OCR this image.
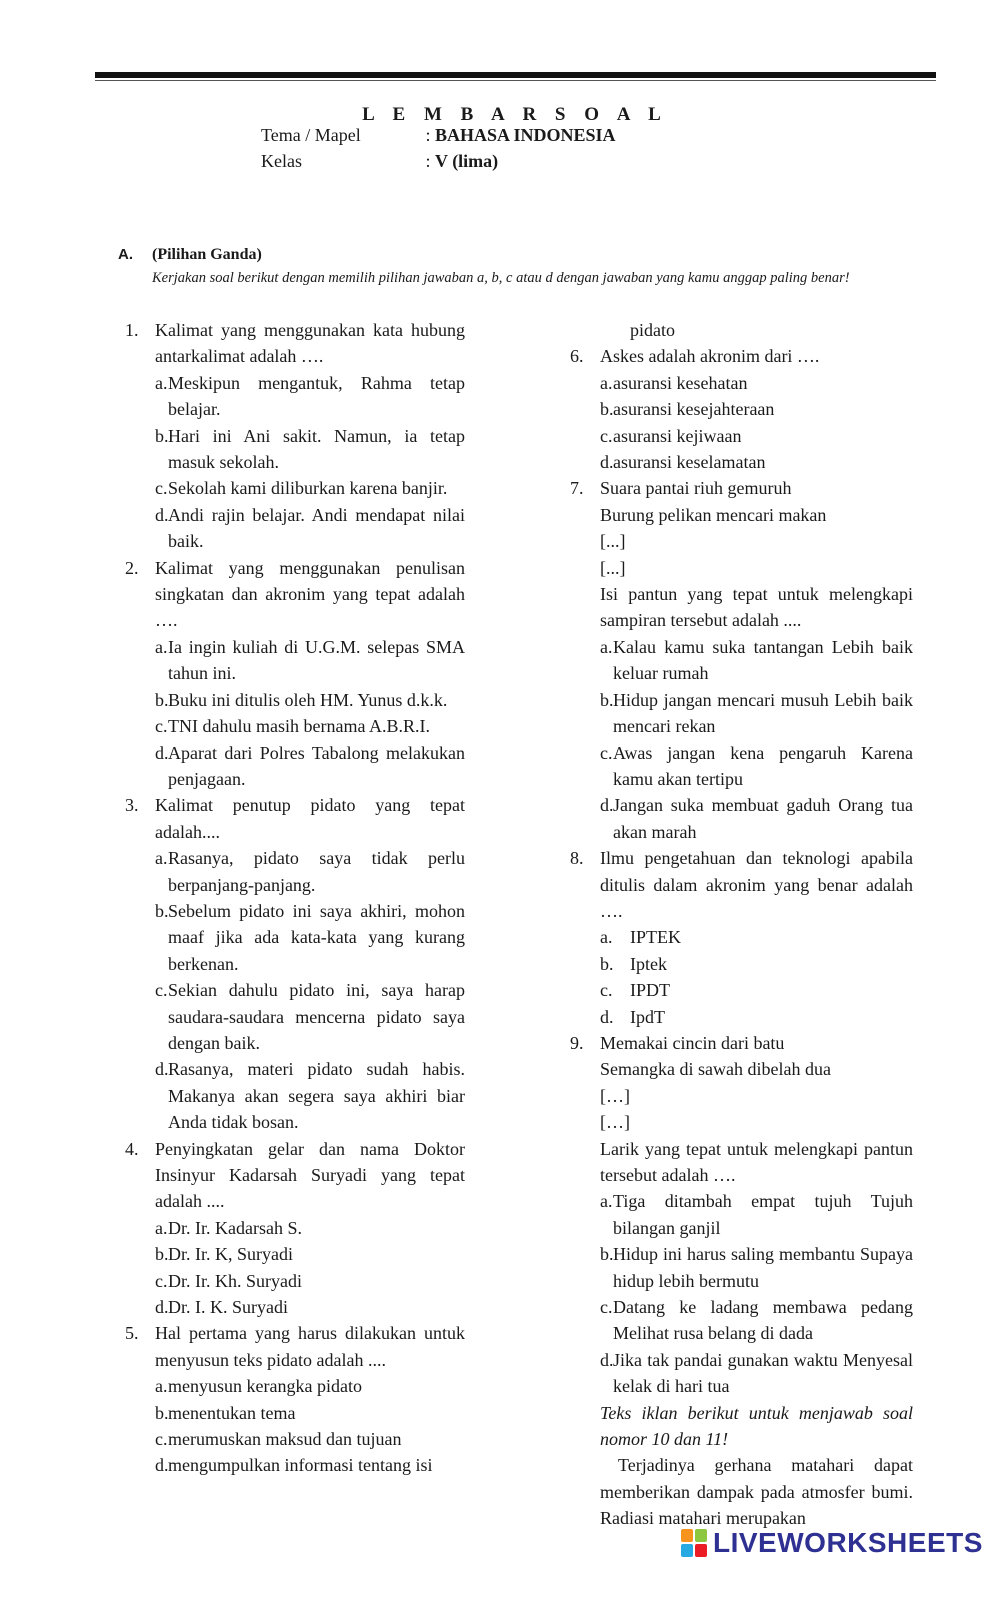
L E M B A R S O A L
Tema / Mapel	: BAHASA INDONESIA
Kelas	: V (lima)
A. (Pilihan Ganda)
Kerjakan soal berikut dengan memilih pilihan jawaban a, b, c atau d dengan jawaban yang kamu anggap paling benar!
1. Kalimat yang menggunakan kata hubung antarkalimat adalah ….
a. Meskipun mengantuk, Rahma tetap belajar.
b. Hari ini Ani sakit. Namun, ia tetap masuk sekolah.
c. Sekolah kami diliburkan karena banjir.
d. Andi rajin belajar. Andi mendapat nilai baik.
2. Kalimat yang menggunakan penulisan singkatan dan akronim yang tepat adalah ….
a. Ia ingin kuliah di U.G.M. selepas SMA tahun ini.
b. Buku ini ditulis oleh HM. Yunus d.k.k.
c. TNI dahulu masih bernama A.B.R.I.
d. Aparat dari Polres Tabalong melakukan penjagaan.
3. Kalimat penutup pidato yang tepat adalah....
a. Rasanya, pidato saya tidak perlu berpanjang-panjang.
b. Sebelum pidato ini saya akhiri, mohon maaf jika ada kata-kata yang kurang berkenan.
c. Sekian dahulu pidato ini, saya harap saudara-saudara mencerna pidato saya dengan baik.
d. Rasanya, materi pidato sudah habis. Makanya akan segera saya akhiri biar Anda tidak bosan.
4. Penyingkatan gelar dan nama Doktor Insinyur Kadarsah Suryadi yang tepat adalah ....
a. Dr. Ir. Kadarsah S.
b. Dr. Ir. K, Suryadi
c. Dr. Ir. Kh. Suryadi
d. Dr. I. K. Suryadi
5. Hal pertama yang harus dilakukan untuk menyusun teks pidato adalah ....
a. menyusun kerangka pidato
b. menentukan tema
c. merumuskan maksud dan tujuan
d. mengumpulkan informasi tentang isi
pidato
6. Askes adalah akronim dari ….
a. asuransi kesehatan
b. asuransi kesejahteraan
c. asuransi kejiwaan
d. asuransi keselamatan
7. Suara pantai riuh gemuruh
Burung pelikan mencari makan
[...]
[...]
Isi pantun yang tepat untuk melengkapi sampiran tersebut adalah ....
a. Kalau kamu suka tantangan Lebih baik keluar rumah
b. Hidup jangan mencari musuh Lebih baik mencari rekan
c. Awas jangan kena pengaruh Karena kamu akan tertipu
d. Jangan suka membuat gaduh Orang tua akan marah
8. Ilmu pengetahuan dan teknologi apabila ditulis dalam akronim yang benar adalah ….
a. IPTEK
b. Iptek
c. IPDT
d. IpdT
9. Memakai cincin dari batu
Semangka di sawah dibelah dua
[…]
[…]
Larik yang tepat untuk melengkapi pantun tersebut adalah ….
a. Tiga ditambah empat tujuh Tujuh bilangan ganjil
b. Hidup ini harus saling membantu Supaya hidup lebih bermutu
c. Datang ke ladang membawa pedang Melihat rusa belang di dada
d. Jika tak pandai gunakan waktu Menyesal kelak di hari tua
Teks iklan berikut untuk menjawab soal nomor 10 dan 11!
Terjadinya gerhana matahari dapat memberikan dampak pada atmosfer bumi. Radiasi matahari merupakan
LIVEWORKSHEETS
